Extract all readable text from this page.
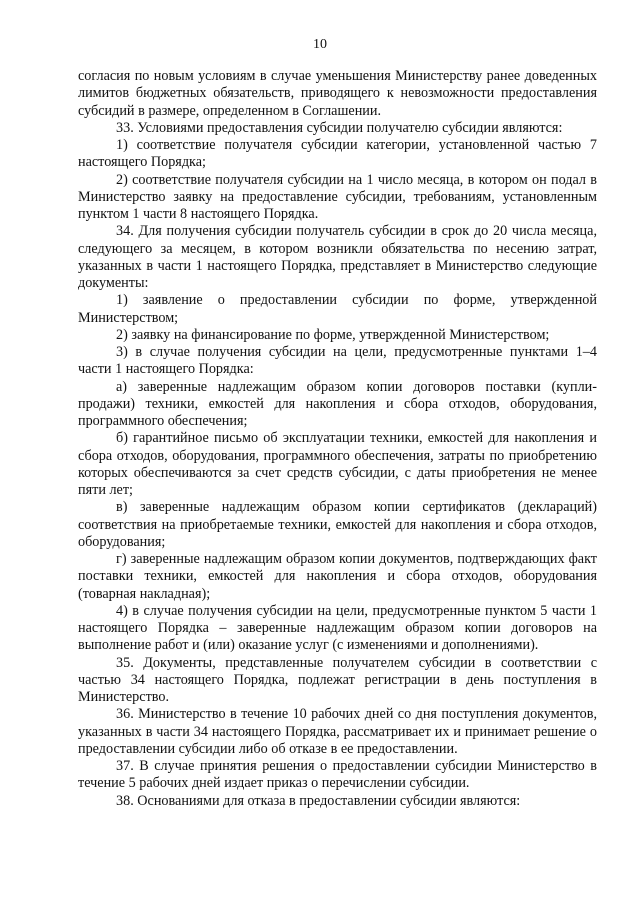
10

согласия по новым условиям в случае уменьшения Министерству ранее доведенных лимитов бюджетных обязательств, приводящего к невозможности предоставления субсидий в размере, определенном в Соглашении.

33. Условиями предоставления субсидии получателю субсидии являются:

1) соответствие получателя субсидии категории, установленной частью 7 настоящего Порядка;

2) соответствие получателя субсидии на 1 число месяца, в котором он подал в Министерство заявку на предоставление субсидии, требованиям, установленным пунктом 1 части 8 настоящего Порядка.

34. Для получения субсидии получатель субсидии в срок до 20 числа месяца, следующего за месяцем, в котором возникли обязательства по несению затрат, указанных в части 1 настоящего Порядка, представляет в Министерство следующие документы:

1) заявление о предоставлении субсидии по форме, утвержденной Министерством;

2) заявку на финансирование по форме, утвержденной Министерством;

3) в случае получения субсидии на цели, предусмотренные пунктами 1–4 части 1 настоящего Порядка:

а) заверенные надлежащим образом копии договоров поставки (купли-продажи) техники, емкостей для накопления и сбора отходов, оборудования, программного обеспечения;

б) гарантийное письмо об эксплуатации техники, емкостей для накопления и сбора отходов, оборудования, программного обеспечения, затраты по приобретению которых обеспечиваются за счет средств субсидии, с даты приобретения не менее пяти лет;

в) заверенные надлежащим образом копии сертификатов (деклараций) соответствия на приобретаемые техники, емкостей для накопления и сбора отходов, оборудования;

г) заверенные надлежащим образом копии документов, подтверждающих факт поставки техники, емкостей для накопления и сбора отходов, оборудования (товарная накладная);

4) в случае получения субсидии на цели, предусмотренные пунктом 5 части 1 настоящего Порядка – заверенные надлежащим образом копии договоров на выполнение работ и (или) оказание услуг (с изменениями и дополнениями).

35. Документы, представленные получателем субсидии в соответствии с частью 34 настоящего Порядка, подлежат регистрации в день поступления в Министерство.

36. Министерство в течение 10 рабочих дней со дня поступления документов, указанных в части 34 настоящего Порядка, рассматривает их и принимает решение о предоставлении субсидии либо об отказе в ее предоставлении.

37. В случае принятия решения о предоставлении субсидии Министерство в течение 5 рабочих дней издает приказ о перечислении субсидии.

38. Основаниями для отказа в предоставлении субсидии являются:
